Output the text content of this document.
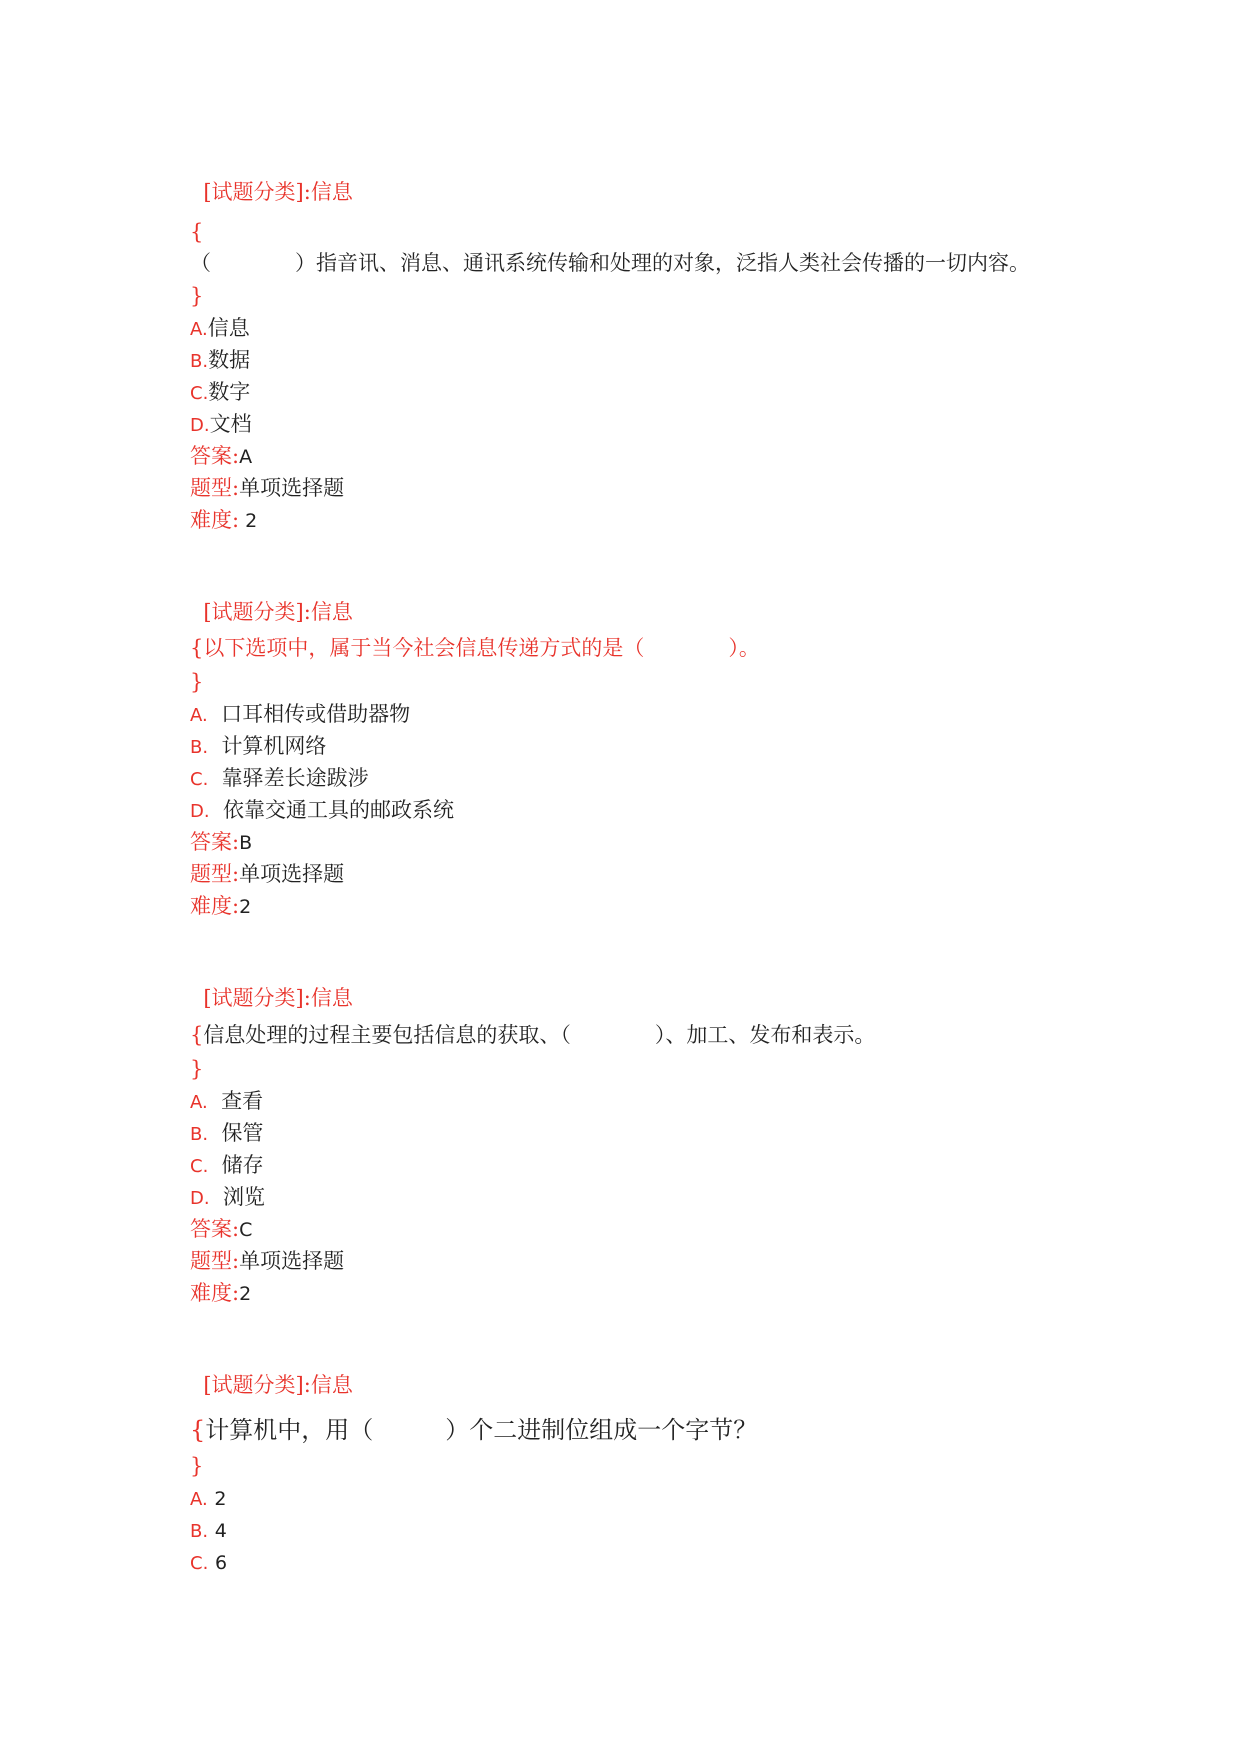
[试题分类]:信息

{
（　　　　）指音讯、消息、通讯系统传输和处理的对象，泛指人类社会传播的一切内容。
}
A.信息
B.数据
C.数字
D.文档
答案:A
题型:单项选择题
难度: 2

[试题分类]:信息

{以下选项中，属于当今社会信息传递方式的是（　　　　）。
}
A. 口耳相传或借助器物
B. 计算机网络
C. 靠驿差长途跋涉
D. 依靠交通工具的邮政系统
答案:B
题型:单项选择题
难度:2

[试题分类]:信息

{信息处理的过程主要包括信息的获取、（　　　　）、加工、发布和表示。
}
A. 查看
B. 保管
C. 储存
D. 浏览
答案:C
题型:单项选择题
难度:2

[试题分类]:信息

{计算机中，用（　　　）个二进制位组成一个字节？
}
A. 2
B. 4
C. 6
